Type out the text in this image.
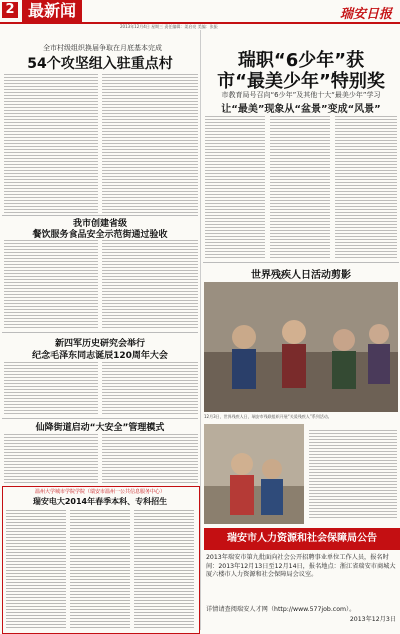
2 最新闻
2013年12月4日 星期三 责任编辑：姜启亮 美编：张振
瑞安日报
全市村级组织换届争取在月底基本完成
54个攻坚组入驻重点村
我市创建省级
餐饮服务食品安全示范街通过验收
新四军历史研究会举行
纪念毛泽东同志诞辰120周年大会
仙降街道启动“大安全”管理模式
温州大学城市学院学院（瑞安市温州一公共信息服务中心）
瑞安电大2014年春季本科、专科招生
瑞职“6少年”获
市“最美少年”特别奖
市教育局号召向“6少年”及其他十大“最美少年”学习
让“最美”现象从“盆景”变成“风景”
世界残疾人日活动剪影
12月3日，世界残疾人日，瑞安市残联组织开展“关爱残疾人”系列活动。
瑞安市人力资源和社会保障局公告
2013年瑞安市第九批面向社会公开招聘事业单位工作人员，报名时间：2013年12月13日至12月14日，报名地点：浙江省瑞安市商城大厦六楼市人力资源和社会保障局会议室。
详情请查阅瑞安人才网（http://www.577job.com）。
2013年12月3日
